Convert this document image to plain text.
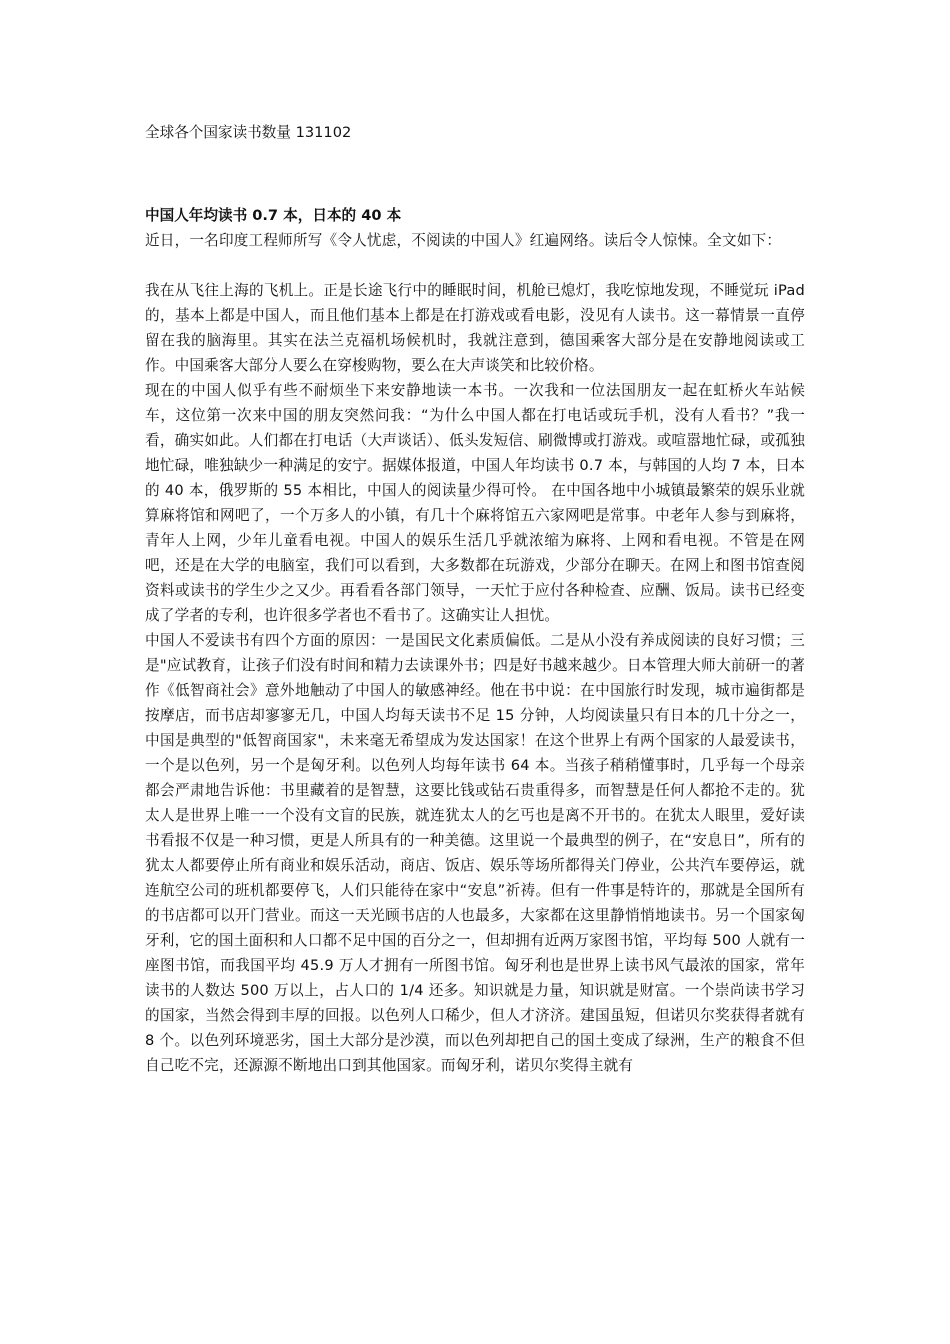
全球各个国家读书数量 131102

中国人年均读书 0.7 本，日本的 40 本

近日，一名印度工程师所写《令人忧虑，不阅读的中国人》红遍网络。读后令人惊悚。全文如下：

我在从飞往上海的飞机上。正是长途飞行中的睡眠时间，机舱已熄灯，我吃惊地发现，不睡觉玩 iPad 的，基本上都是中国人，而且他们基本上都是在打游戏或看电影，没见有人读书。这一幕情景一直停留在我的脑海里。其实在法兰克福机场候机时，我就注意到，德国乘客大部分是在安静地阅读或工作。中国乘客大部分人要么在穿梭购物，要么在大声谈笑和比较价格。

现在的中国人似乎有些不耐烦坐下来安静地读一本书。一次我和一位法国朋友一起在虹桥火车站候车，这位第一次来中国的朋友突然问我：“为什么中国人都在打电话或玩手机，没有人看书？”我一看，确实如此。人们都在打电话（大声谈话）、低头发短信、刷微博或打游戏。或喧嚣地忙碌，或孤独地忙碌，唯独缺少一种满足的安宁。据媒体报道，中国人年均读书 0.7 本，与韩国的人均 7 本，日本的 40 本，俄罗斯的 55 本相比，中国人的阅读量少得可怜。 在中国各地中小城镇最繁荣的娱乐业就算麻将馆和网吧了，一个万多人的小镇，有几十个麻将馆五六家网吧是常事。中老年人参与到麻将，青年人上网，少年儿童看电视。中国人的娱乐生活几乎就浓缩为麻将、上网和看电视。不管是在网吧，还是在大学的电脑室，我们可以看到，大多数都在玩游戏，少部分在聊天。在网上和图书馆查阅资料或读书的学生少之又少。再看看各部门领导，一天忙于应付各种检查、应酬、饭局。读书已经变成了学者的专利，也许很多学者也不看书了。这确实让人担忧。

中国人不爱读书有四个方面的原因：一是国民文化素质偏低。二是从小没有养成阅读的良好习惯；三是"应试教育，让孩子们没有时间和精力去读课外书；四是好书越来越少。日本管理大师大前研一的著作《低智商社会》意外地触动了中国人的敏感神经。他在书中说：在中国旅行时发现，城市遍街都是按摩店，而书店却寥寥无几，中国人均每天读书不足 15 分钟，人均阅读量只有日本的几十分之一，中国是典型的"低智商国家"，未来毫无希望成为发达国家！在这个世界上有两个国家的人最爱读书，一个是以色列，另一个是匈牙利。以色列人均每年读书 64 本。当孩子稍稍懂事时，几乎每一个母亲都会严肃地告诉他：书里藏着的是智慧，这要比钱或钻石贵重得多，而智慧是任何人都抢不走的。犹太人是世界上唯一一个没有文盲的民族，就连犹太人的乞丐也是离不开书的。在犹太人眼里，爱好读书看报不仅是一种习惯，更是人所具有的一种美德。这里说一个最典型的例子，在“安息日”，所有的犹太人都要停止所有商业和娱乐活动，商店、饭店、娱乐等场所都得关门停业，公共汽车要停运，就连航空公司的班机都要停飞，人们只能待在家中“安息”祈祷。但有一件事是特许的，那就是全国所有的书店都可以开门营业。而这一天光顾书店的人也最多，大家都在这里静悄悄地读书。另一个国家匈牙利，它的国土面积和人口都不足中国的百分之一，但却拥有近两万家图书馆，平均每 500 人就有一座图书馆，而我国平均 45.9 万人才拥有一所图书馆。匈牙利也是世界上读书风气最浓的国家，常年读书的人数达 500 万以上，占人口的 1/4 还多。知识就是力量，知识就是财富。一个崇尚读书学习的国家，当然会得到丰厚的回报。以色列人口稀少，但人才济济。建国虽短，但诺贝尔奖获得者就有 8 个。以色列环境恶劣，国土大部分是沙漠，而以色列却把自己的国土变成了绿洲，生产的粮食不但自己吃不完，还源源不断地出口到其他国家。而匈牙利，诺贝尔奖得主就有
